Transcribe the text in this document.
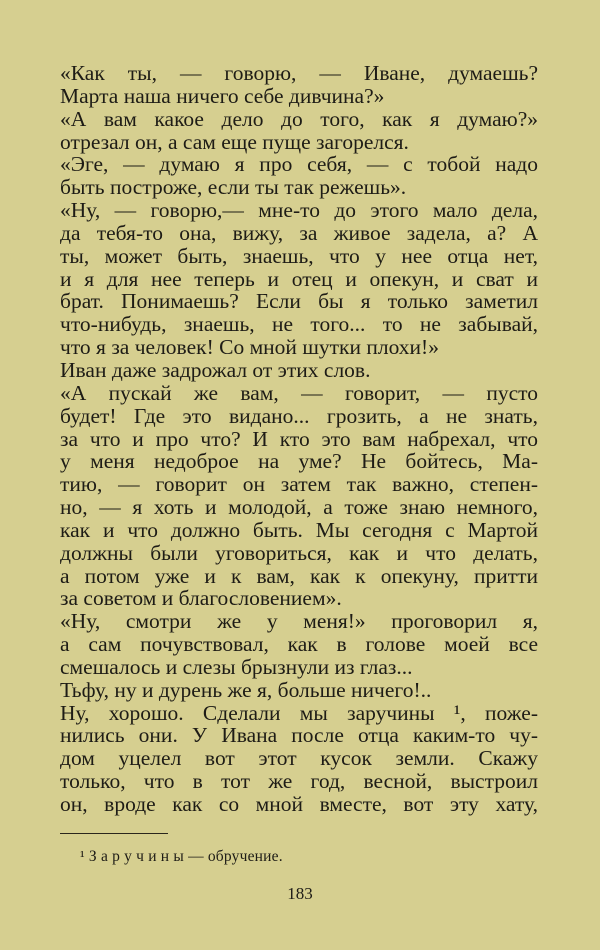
«Как ты, — говорю, — Иване, думаешь?
Марта наша ничего себе дивчина?»
«А вам какое дело до того, как я думаю?»
отрезал он, а сам еще пуще загорелся.
«Эге, — думаю я про себя, — с тобой надо
быть построже, если ты так режешь».
«Ну, — говорю,— мне-то до этого мало дела,
да тебя-то она, вижу, за живое задела, а? А
ты, может быть, знаешь, что у нее отца нет,
и я для нее теперь и отец и опекун, и сват и
брат. Понимаешь? Если бы я только заметил
что-нибудь, знаешь, не того... то не забывай,
что я за человек! Со мной шутки плохи!»
Иван даже задрожал от этих слов.
«А пускай же вам, — говорит, — пусто
будет! Где это видано... грозить, а не знать,
за что и про что? И кто это вам набрехал, что
у меня недоброе на уме? Не бойтесь, Ма-
тию, — говорит он затем так важно, степен-
но, — я хоть и молодой, а тоже знаю немного,
как и что должно быть. Мы сегодня с Мартой
должны были уговориться, как и что делать,
а потом уже и к вам, как к опекуну, притти
за советом и благословением».
«Ну, смотри же у меня!» проговорил я,
а сам почувствовал, как в голове моей все
смешалось и слезы брызнули из глаз...
Тьфу, ну и дурень же я, больше ничего!..
Ну, хорошо. Сделали мы заручины ¹, поже-
нились они. У Ивана после отца каким-то чу-
дом уцелел вот этот кусок земли. Скажу
только, что в тот же год, весной, выстроил
он, вроде как со мной вместе, вот эту хату,
¹ З а р у ч и н ы — обручение.
183
